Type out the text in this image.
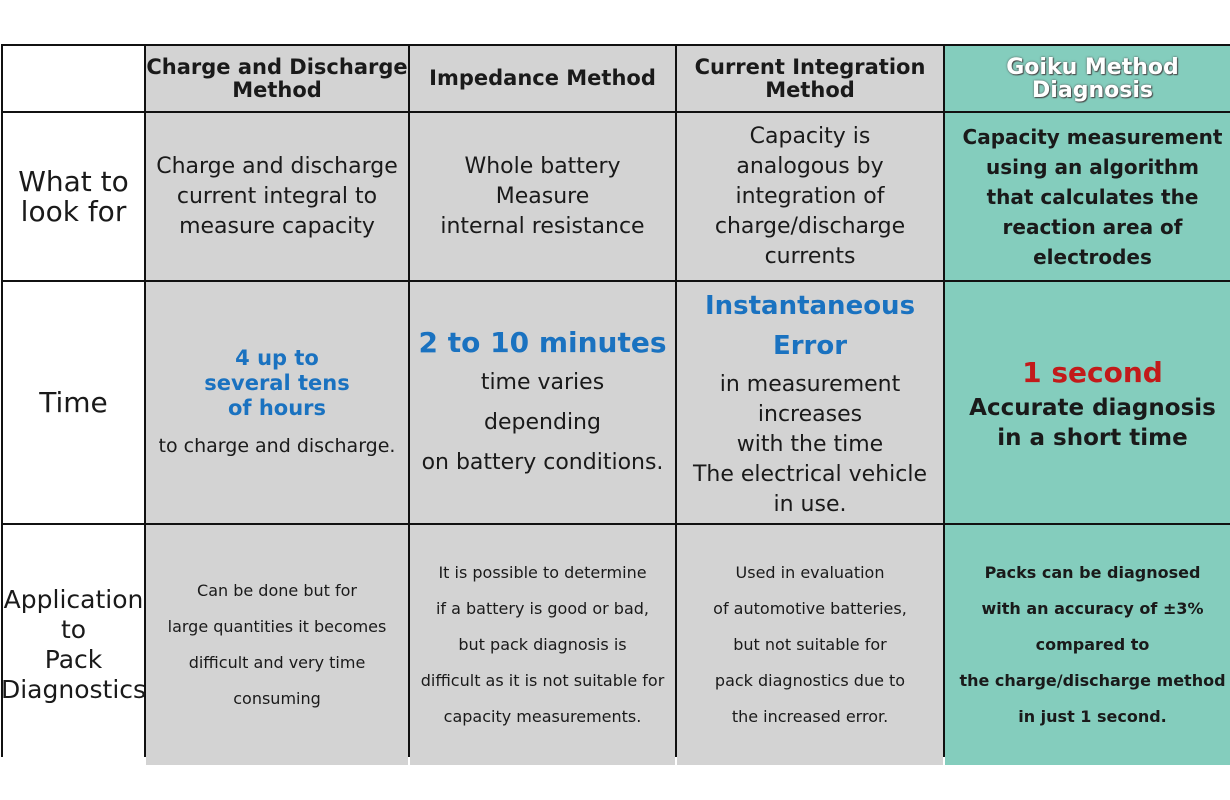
Charge and Discharge
Method	Impedance Method Current Integration
Method
Goiku Method
Diagnosis
What to
look for
Charge and discharge
current integral to
measure capacity
Whole battery
Measure
internal resistance
Capacity is
analogous by
integration of
charge/discharge
currents
Capacity measurement
using an algorithm
that calculates the
reaction area of
electrodes
Time
4 up to
several tens
of hours
to charge and discharge.
2 to 10 minutes
time varies
depending
on battery conditions.
Instantaneous
Error
in measurement
increases
with the time
The electrical vehicle
in use.
1 second
Accurate diagnosis
in a short time
Application
to
Pack
Diagnostics
Can be done but for
large quantities it becomes
difficult and very time
consuming
It is possible to determine
if a battery is good or bad,
but pack diagnosis is
difficult as it is not suitable for
capacity measurements.
Used in evaluation
of automotive batteries,
but not suitable for
pack diagnostics due to
the increased error.
Packs can be diagnosed
with an accuracy of ±3%
compared to
the charge/discharge method
in just 1 second.
